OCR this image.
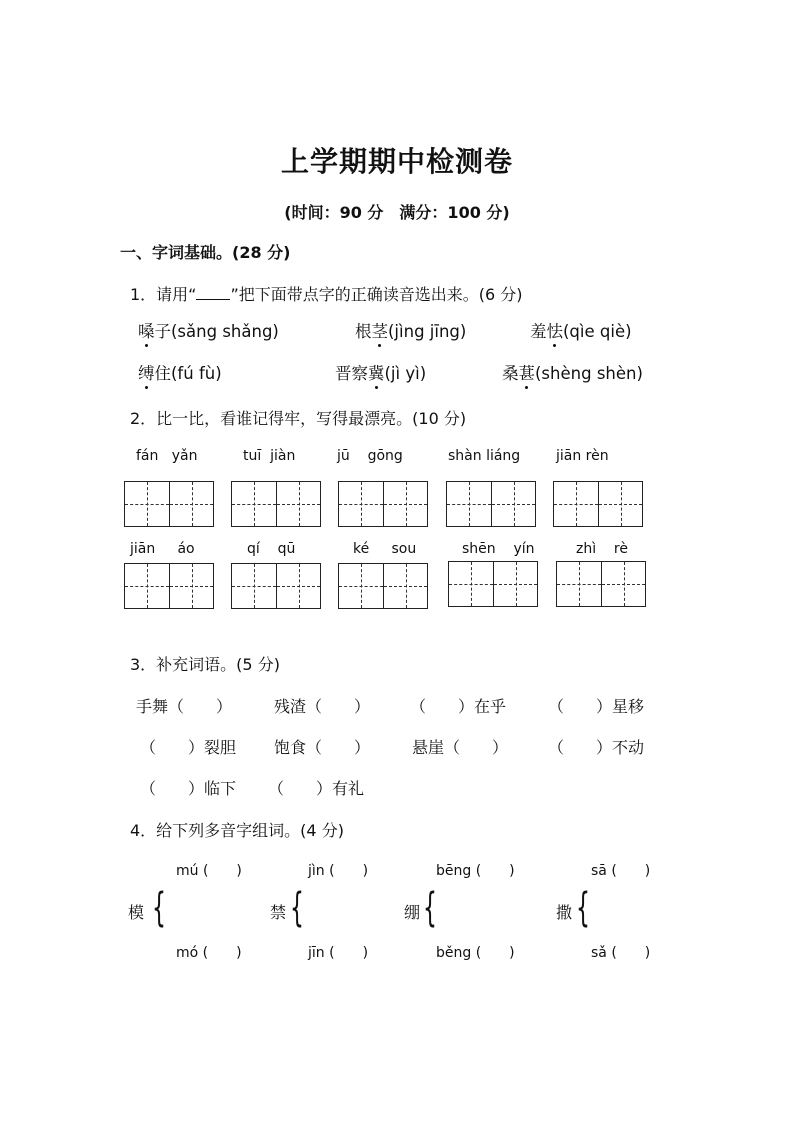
上学期期中检测卷
(时间：90 分　满分：100 分)
一、字词基础。(28 分)
1．请用“ ”把下面带点字的正确读音选出来。(6 分)
嗓子(sǎng shǎng)	根茎(jìng jīng)	羞怯(qìe qiè)
缚住(fú fù)	晋察冀(jì yì)	桑葚(shèng shèn)
2．比一比，看谁记得牢，写得最漂亮。(10 分)
fán   yǎn	tuī  jiàn	jū    gōng	shàn liáng	jiān rèn
jiān     áo	qí    qū	ké     sou	shēn    yín	zhì    rè
3．补充词语。(5 分)
手舞（　　）	残渣（　　） （　　）在乎	（　　）星移
（　　）裂胆 饱食（　　）	悬崖（　　） （　　）不动
（　　）临下 （　　）有礼
4．给下列多音字组词。(4 分)
mú (　　)
模 {
mó (　　)
jìn (　　)
禁 {
jīn (　　)
bēng (　　)
绷 {
běng (　　)
sā (　　)
撒 {
sǎ (　　)
